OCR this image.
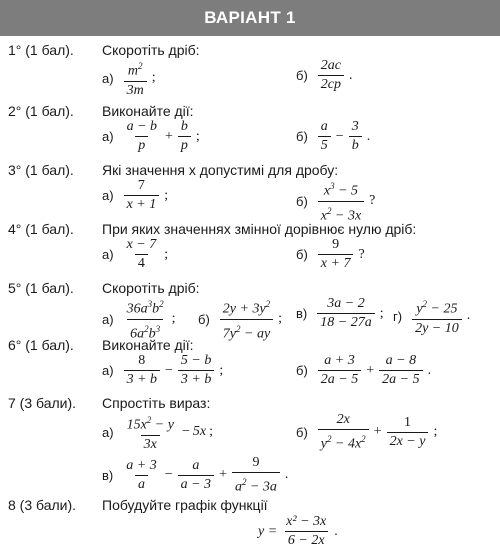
ВАРІАНТ 1
1° (1 бал). Скоротіть дріб:
$а) \frac{m^2}{3m}$ ;	$б) \frac{2ac}{2cp}$ .
2° (1 бал). Виконайте дії:
$а) \frac{a - b}{p} + \frac{b}{p}$ ;	$б) \frac{a}{5} - \frac{3}{b}$ .
3° (1 бал). Які значення x допустимі для дробу:
$а) \frac{7}{x + 1}$ ;	$б) \frac{x^3 - 5}{x^2 - 3x}$ ?
4° (1 бал). При яких значеннях змінної дорівнює нулю дріб:
$а) \frac{x - 7}{4}$ ;	$б) \frac{9}{x + 7}$ ?
5° (1 бал). Скоротіть дріб:
$а) \frac{36a^3b^2}{6a^2b^3}$ ; $б) \frac{2y + 3y^2}{7y^2 - ay}$ ; $в) \frac{3a - 2}{18 - 27a}$ ; $г) \frac{y^2 - 25}{2y - 10}$ .
6° (1 бал). Виконайте дії:
$а) \frac{8}{3 + b} - \frac{5 - b}{3 + b}$ ;	$б) \frac{a + 3}{2a - 5} + \frac{a - 8}{2a - 5}$ .
7 (3 бали). Спростіть вираз:
$а) \frac{15x^2 - y}{3x} - 5x$ ;	$б) \frac{2x}{y^2 - 4x^2} + \frac{1}{2x - y}$ ;
$в) \frac{a + 3}{a} - \frac{a}{a - 3} + \frac{9}{a^2 - 3a}$ .
8 (3 бали). Побудуйте графік функції
$y = \frac{\text{x² − 3x}}{6 - 2x}$ .
